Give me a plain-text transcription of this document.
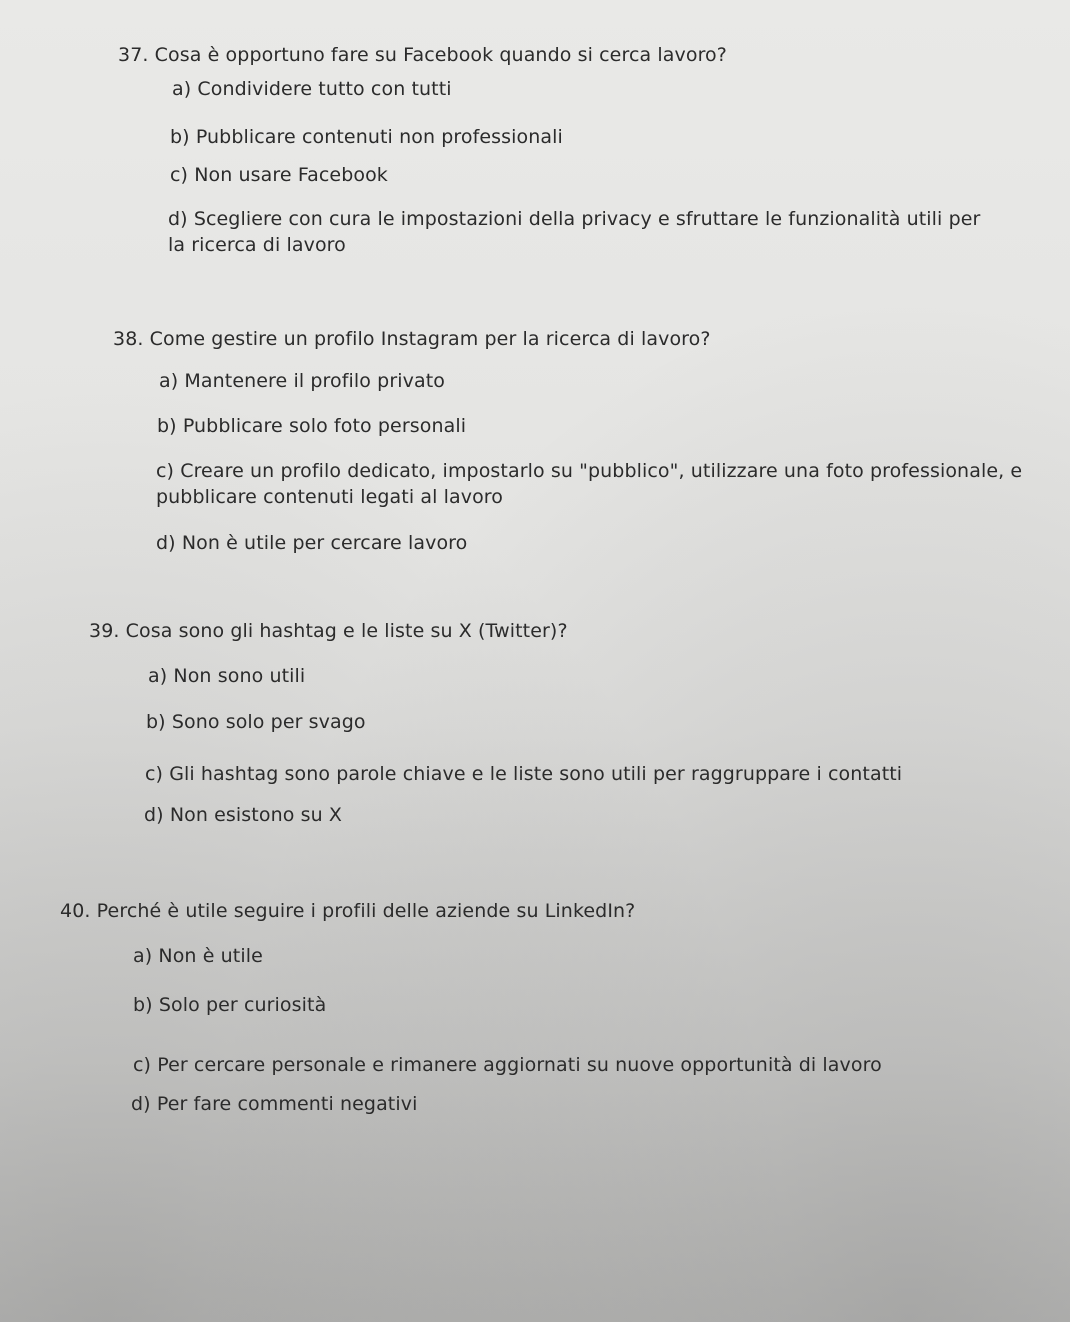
37. Cosa è opportuno fare su Facebook quando si cerca lavoro?
a) Condividere tutto con tutti
b) Pubblicare contenuti non professionali
c) Non usare Facebook
d) Scegliere con cura le impostazioni della privacy e sfruttare le funzionalità utili per la ricerca di lavoro
38. Come gestire un profilo Instagram per la ricerca di lavoro?
a) Mantenere il profilo privato
b) Pubblicare solo foto personali
c) Creare un profilo dedicato, impostarlo su "pubblico", utilizzare una foto professionale, e pubblicare contenuti legati al lavoro
d) Non è utile per cercare lavoro
39. Cosa sono gli hashtag e le liste su X (Twitter)?
a) Non sono utili
b) Sono solo per svago
c) Gli hashtag sono parole chiave e le liste sono utili per raggruppare i contatti
d) Non esistono su X
40. Perché è utile seguire i profili delle aziende su LinkedIn?
a) Non è utile
b) Solo per curiosità
c) Per cercare personale e rimanere aggiornati su nuove opportunità di lavoro
d) Per fare commenti negativi
